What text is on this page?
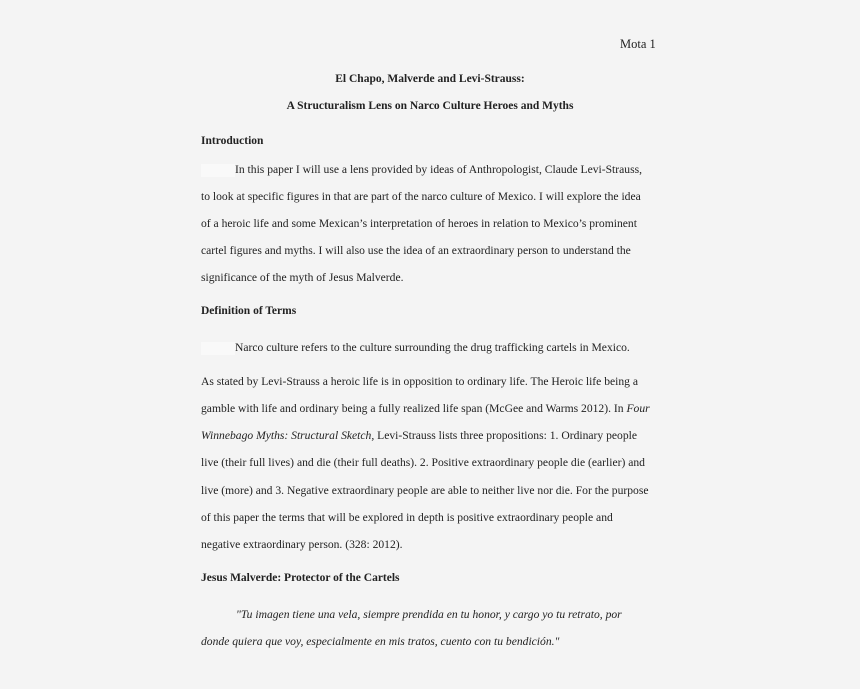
Mota 1
El Chapo, Malverde and Levi-Strauss:
A Structuralism Lens on Narco Culture Heroes and Myths
Introduction
In this paper I will use a lens provided by ideas of Anthropologist, Claude Levi-Strauss,
to look at specific figures in that are part of the narco culture of Mexico. I will explore the idea
of a heroic life and some Mexican’s interpretation of heroes in relation to Mexico’s prominent
cartel figures and myths. I will also use the idea of an extraordinary person to understand the
significance of the myth of Jesus Malverde.
Definition of Terms
Narco culture refers to the culture surrounding the drug trafficking cartels in Mexico.
As stated by Levi-Strauss a heroic life is in opposition to ordinary life. The Heroic life being a
gamble with life and ordinary being a fully realized life span (McGee and Warms 2012). In Four
Winnebago Myths: Structural Sketch, Levi-Strauss lists three propositions: 1. Ordinary people
live (their full lives) and die (their full deaths). 2. Positive extraordinary people die (earlier) and
live (more) and 3. Negative extraordinary people are able to neither live nor die. For the purpose
of this paper the terms that will be explored in depth is positive extraordinary people and
negative extraordinary person. (328: 2012).
Jesus Malverde: Protector of the Cartels
"Tu imagen tiene una vela, siempre prendida en tu honor, y cargo yo tu retrato, por
donde quiera que voy, especialmente en mis tratos, cuento con tu bendición."
